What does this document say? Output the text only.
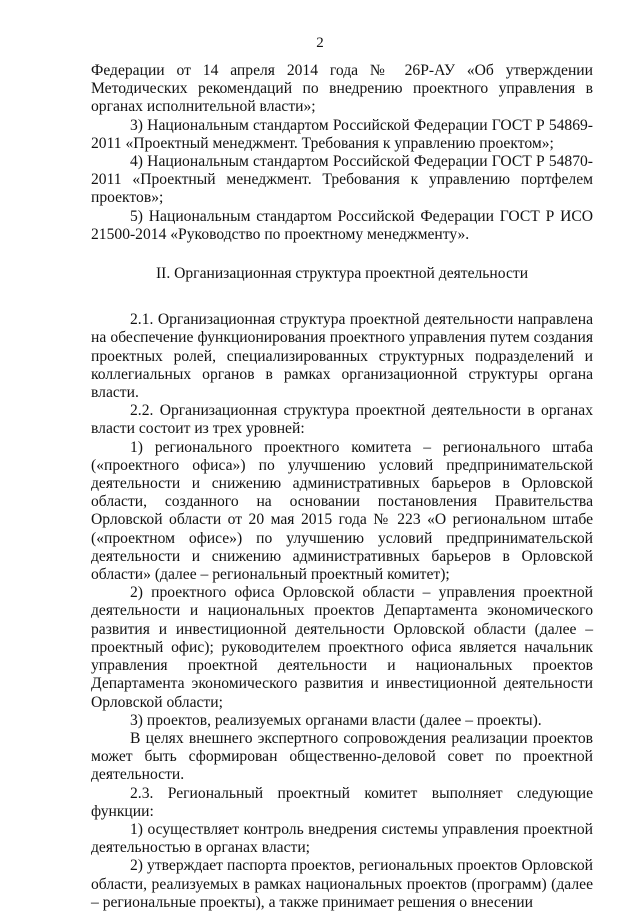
2

Федерации от 14 апреля 2014 года № 26Р-АУ «Об утверждении Методических рекомендаций по внедрению проектного управления в органах исполнительной власти»;

3) Национальным стандартом Российской Федерации ГОСТ Р 54869-2011 «Проектный менеджмент. Требования к управлению проектом»;

4) Национальным стандартом Российской Федерации ГОСТ Р 54870-2011 «Проектный менеджмент. Требования к управлению портфелем проектов»;

5) Национальным стандартом Российской Федерации ГОСТ Р ИСО 21500-2014 «Руководство по проектному менеджменту».

II. Организационная структура проектной деятельности

2.1. Организационная структура проектной деятельности направлена на обеспечение функционирования проектного управления путем создания проектных ролей, специализированных структурных подразделений и коллегиальных органов в рамках организационной структуры органа власти.

2.2. Организационная структура проектной деятельности в органах власти состоит из трех уровней:

1) регионального проектного комитета – регионального штаба («проектного офиса») по улучшению условий предпринимательской деятельности и снижению административных барьеров в Орловской области, созданного на основании постановления Правительства Орловской области от 20 мая 2015 года № 223 «О региональном штабе («проектном офисе») по улучшению условий предпринимательской деятельности и снижению административных барьеров в Орловской области» (далее – региональный проектный комитет);

2) проектного офиса Орловской области – управления проектной деятельности и национальных проектов Департамента экономического развития и инвестиционной деятельности Орловской области (далее – проектный офис); руководителем проектного офиса является начальник управления проектной деятельности и национальных проектов Департамента экономического развития и инвестиционной деятельности Орловской области;

3) проектов, реализуемых органами власти (далее – проекты).

В целях внешнего экспертного сопровождения реализации проектов может быть сформирован общественно-деловой совет по проектной деятельности.

2.3. Региональный проектный комитет выполняет следующие функции:

1) осуществляет контроль внедрения системы управления проектной деятельностью в органах власти;

2) утверждает паспорта проектов, региональных проектов Орловской области, реализуемых в рамках национальных проектов (программ) (далее – региональные проекты), а также принимает решения о внесении
